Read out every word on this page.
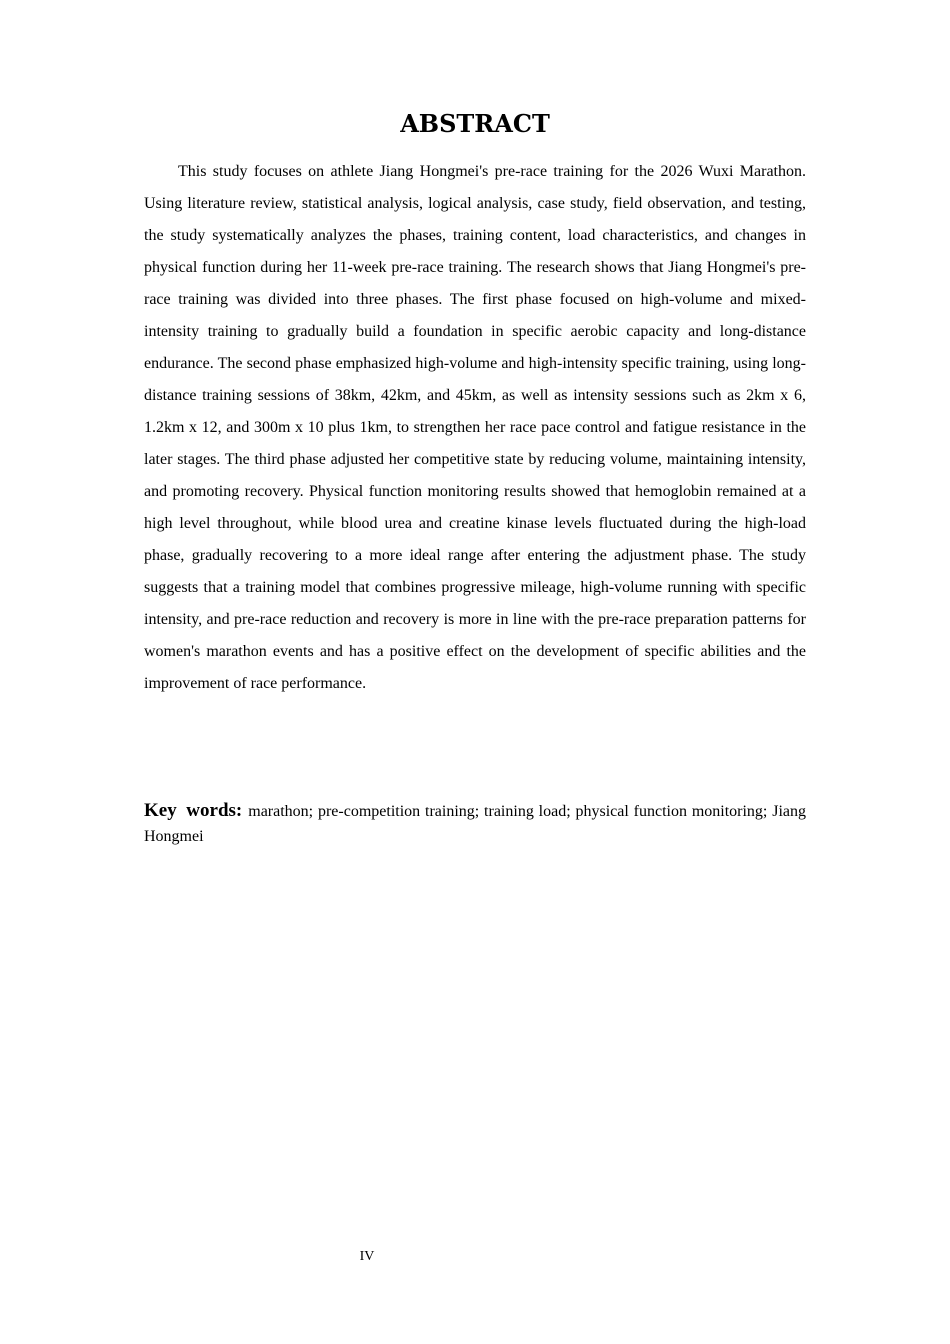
ABSTRACT

This study focuses on athlete Jiang Hongmei's pre-race training for the 2026 Wuxi Marathon. Using literature review, statistical analysis, logical analysis, case study, field observation, and testing, the study systematically analyzes the phases, training content, load characteristics, and changes in physical function during her 11-week pre-race training. The research shows that Jiang Hongmei's pre-race training was divided into three phases. The first phase focused on high-volume and mixed-intensity training to gradually build a foundation in specific aerobic capacity and long-distance endurance. The second phase emphasized high-volume and high-intensity specific training, using long-distance training sessions of 38km, 42km, and 45km, as well as intensity sessions such as 2km x 6, 1.2km x 12, and 300m x 10 plus 1km, to strengthen her race pace control and fatigue resistance in the later stages. The third phase adjusted her competitive state by reducing volume, maintaining intensity, and promoting recovery. Physical function monitoring results showed that hemoglobin remained at a high level throughout, while blood urea and creatine kinase levels fluctuated during the high-load phase, gradually recovering to a more ideal range after entering the adjustment phase. The study suggests that a training model that combines progressive mileage, high-volume running with specific intensity, and pre-race reduction and recovery is more in line with the pre-race preparation patterns for women's marathon events and has a positive effect on the development of specific abilities and the improvement of race performance.

Key words: marathon; pre-competition training; training load; physical function monitoring; Jiang Hongmei

IV
